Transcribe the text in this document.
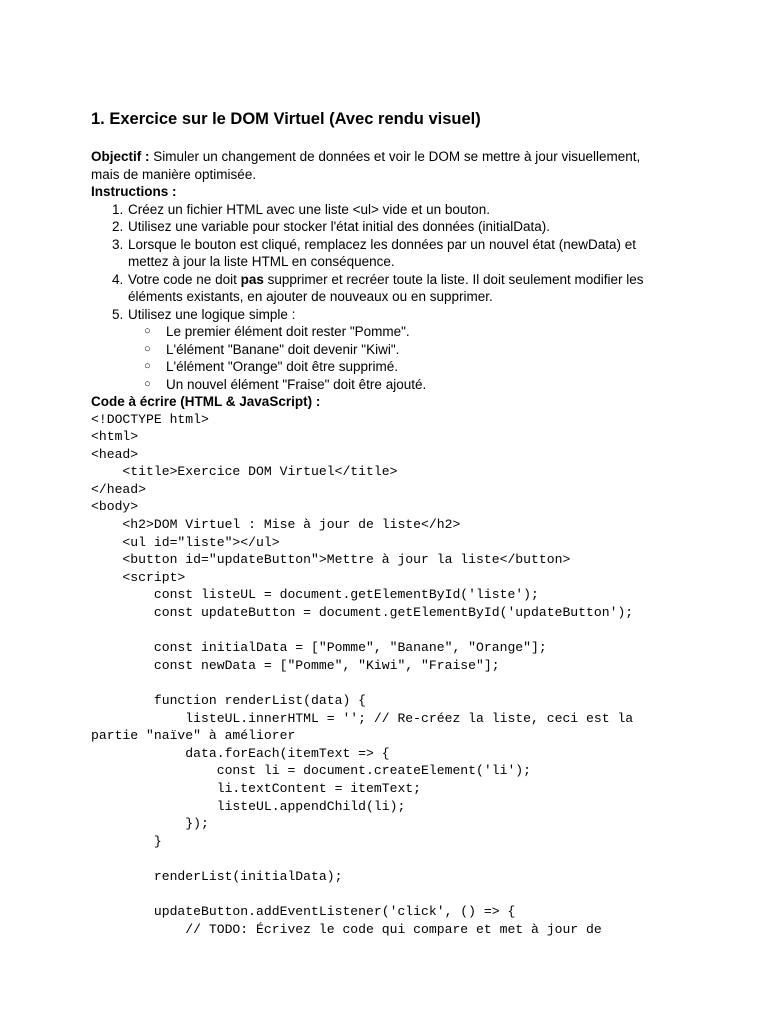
1. Exercice sur le DOM Virtuel (Avec rendu visuel)

Objectif : Simuler un changement de données et voir le DOM se mettre à jour visuellement, mais de manière optimisée.

Instructions :

1. Créez un fichier HTML avec une liste <ul> vide et un bouton.
2. Utilisez une variable pour stocker l'état initial des données (initialData).
3. Lorsque le bouton est cliqué, remplacez les données par un nouvel état (newData) et mettez à jour la liste HTML en conséquence.
4. Votre code ne doit pas supprimer et recréer toute la liste. Il doit seulement modifier les éléments existants, en ajouter de nouveaux ou en supprimer.
5. Utilisez une logique simple :
○ Le premier élément doit rester "Pomme".
○ L'élément "Banane" doit devenir "Kiwi".
○ L'élément "Orange" doit être supprimé.
○ Un nouvel élément "Fraise" doit être ajouté.

Code à écrire (HTML & JavaScript) :

<!DOCTYPE html>
<html>
<head>
<title>Exercice DOM Virtuel</title>
</head>
<body>
<h2>DOM Virtuel : Mise à jour de liste</h2>
<ul id="liste"></ul>
<button id="updateButton">Mettre à jour la liste</button>
<script>
const listeUL = document.getElementById('liste');
const updateButton = document.getElementById('updateButton');

const initialData = ["Pomme", "Banane", "Orange"];
const newData = ["Pomme", "Kiwi", "Fraise"];

function renderList(data) {
listeUL.innerHTML = ''; // Re-créez la liste, ceci est la
partie "naïve" à améliorer
data.forEach(itemText => {
const li = document.createElement('li');
li.textContent = itemText;
listeUL.appendChild(li);
});
}

renderList(initialData);

updateButton.addEventListener('click', () => {
// TODO: Écrivez le code qui compare et met à jour de
